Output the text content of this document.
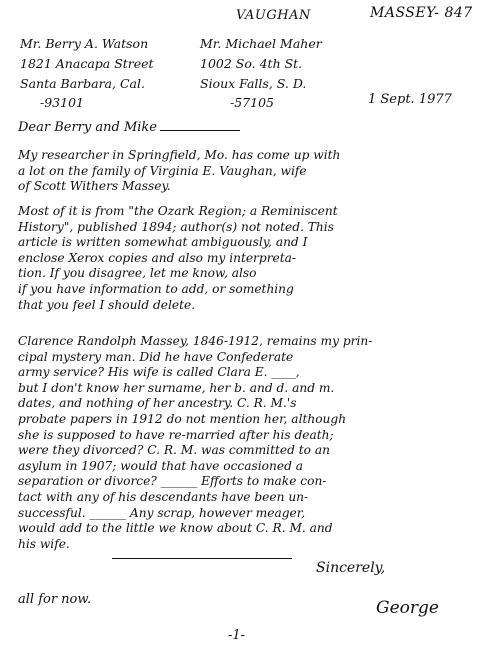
VAUGHAN	MASSEY- 847
Mr. Berry A. Watson
1821 Anacapa Street
Santa Barbara, Cal.
-93101
Mr. Michael Maher
1002 So. 4th St.
Sioux Falls, S. D.
-57105	1 Sept. 1977
Dear Berry and Mike
My researcher in Springfield, Mo. has come up with
a lot on the family of Virginia E. Vaughan, wife
of Scott Withers Massey.
Most of it is from "the Ozark Region; a Reminiscent
History", published 1894; author(s) not noted. This
article is written somewhat ambiguously, and I
enclose Xerox copies and also my interpreta-
tion. If you disagree, let me know, also
if you have information to add, or something
that you feel I should delete.
Clarence Randolph Massey, 1846-1912, remains my prin-
cipal mystery man. Did he have Confederate
army service? His wife is called Clara E. ____,
but I don't know her surname, her b. and d. and m.
dates, and nothing of her ancestry. C. R. M.'s
probate papers in 1912 do not mention her, although
she is supposed to have re-married after his death;
were they divorced? C. R. M. was committed to an
asylum in 1907; would that have occasioned a
separation or divorce? ______ Efforts to make con-
tact with any of his descendants have been un-
successful. ______ Any scrap, however meager,
would add to the little we know about C. R. M. and
his wife.
Sincerely,
all for now.	George
-1-
